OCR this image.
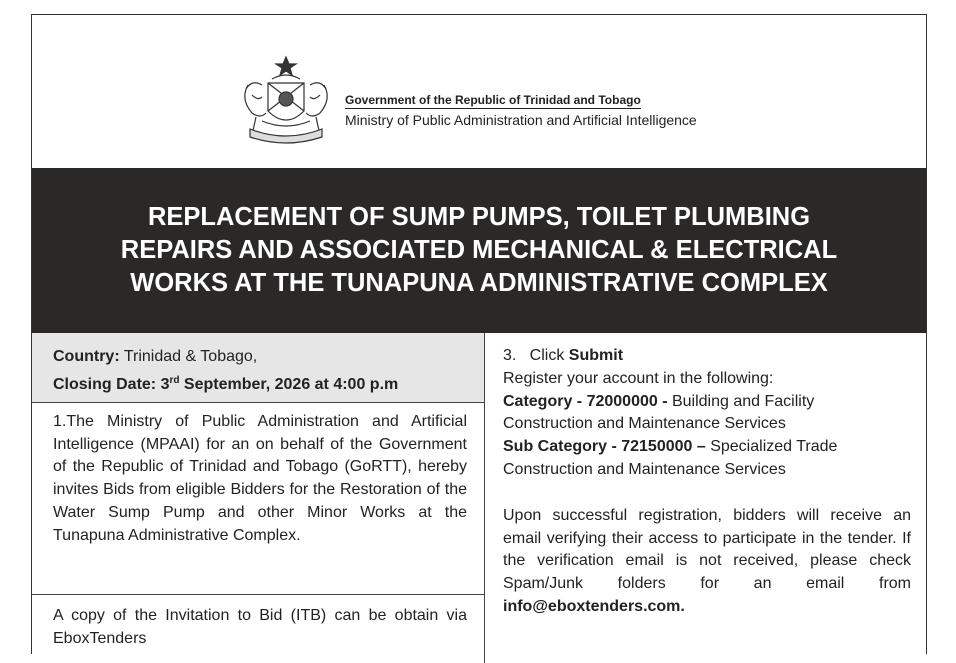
Government of the Republic of Trinidad and Tobago
Ministry of Public Administration and Artificial Intelligence
REPLACEMENT OF SUMP PUMPS, TOILET PLUMBING
REPAIRS AND ASSOCIATED MECHANICAL & ELECTRICAL
WORKS AT THE TUNAPUNA ADMINISTRATIVE COMPLEX
Country: Trinidad & Tobago,
Closing Date: 3rd September, 2026 at 4:00 p.m

1.The Ministry of Public Administration and Artificial Intelligence (MPAAI) for an on behalf of the Government of the Republic of Trinidad and Tobago (GoRTT), hereby invites Bids from eligible Bidders for the Restoration of the Water Sump Pump and other Minor Works at the Tunapuna Administrative Complex.

A copy of the Invitation to Bid (ITB) can be obtain via EboxTenders

3.   Click Submit
Register your account in the following:
Category - 72000000 - Building and Facility
Construction and Maintenance Services
Sub Category - 72150000 – Specialized Trade
Construction and Maintenance Services

Upon successful registration, bidders will receive an email verifying their access to participate in the tender. If the verification email is not received, please check Spam/Junk folders for an email from info@eboxtenders.com.
